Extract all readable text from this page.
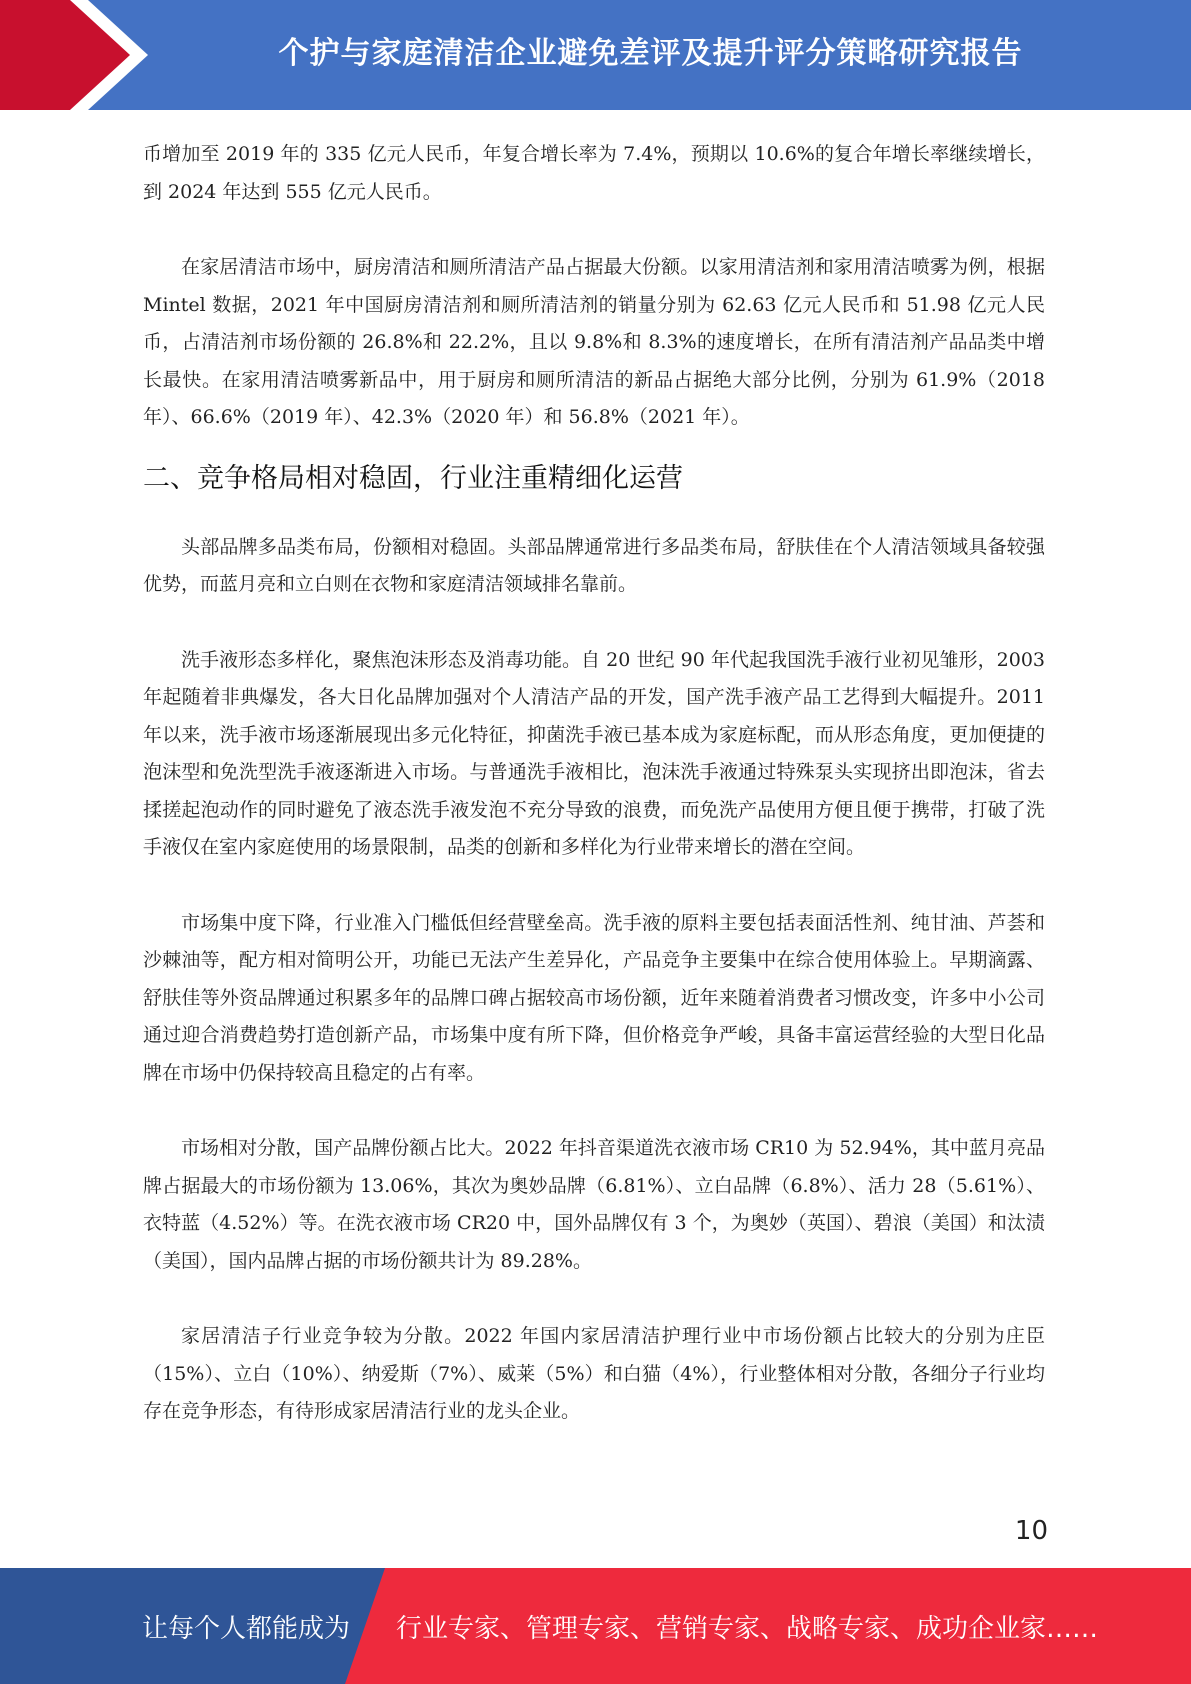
个护与家庭清洁企业避免差评及提升评分策略研究报告

币增加至 2019 年的 335 亿元人民币，年复合增长率为 7.4%，预期以 10.6%的复合年增长率继续增长，到 2024 年达到 555 亿元人民币。

在家居清洁市场中，厨房清洁和厕所清洁产品占据最大份额。以家用清洁剂和家用清洁喷雾为例，根据 Mintel 数据，2021 年中国厨房清洁剂和厕所清洁剂的销量分别为 62.63 亿元人民币和 51.98 亿元人民币，占清洁剂市场份额的 26.8%和 22.2%，且以 9.8%和 8.3%的速度增长，在所有清洁剂产品品类中增长最快。在家用清洁喷雾新品中，用于厨房和厕所清洁的新品占据绝大部分比例，分别为 61.9%（2018 年）、66.6%（2019 年）、42.3%（2020 年）和 56.8%（2021 年）。

二、竞争格局相对稳固，行业注重精细化运营

头部品牌多品类布局，份额相对稳固。头部品牌通常进行多品类布局，舒肤佳在个人清洁领域具备较强优势，而蓝月亮和立白则在衣物和家庭清洁领域排名靠前。

洗手液形态多样化，聚焦泡沫形态及消毒功能。自 20 世纪 90 年代起我国洗手液行业初见雏形，2003 年起随着非典爆发，各大日化品牌加强对个人清洁产品的开发，国产洗手液产品工艺得到大幅提升。2011 年以来，洗手液市场逐渐展现出多元化特征，抑菌洗手液已基本成为家庭标配，而从形态角度，更加便捷的泡沫型和免洗型洗手液逐渐进入市场。与普通洗手液相比，泡沫洗手液通过特殊泵头实现挤出即泡沫，省去揉搓起泡动作的同时避免了液态洗手液发泡不充分导致的浪费，而免洗产品使用方便且便于携带，打破了洗手液仅在室内家庭使用的场景限制，品类的创新和多样化为行业带来增长的潜在空间。

市场集中度下降，行业准入门槛低但经营壁垒高。洗手液的原料主要包括表面活性剂、纯甘油、芦荟和沙棘油等，配方相对简明公开，功能已无法产生差异化，产品竞争主要集中在综合使用体验上。早期滴露、舒肤佳等外资品牌通过积累多年的品牌口碑占据较高市场份额，近年来随着消费者习惯改变，许多中小公司通过迎合消费趋势打造创新产品，市场集中度有所下降，但价格竞争严峻，具备丰富运营经验的大型日化品牌在市场中仍保持较高且稳定的占有率。

市场相对分散，国产品牌份额占比大。2022 年抖音渠道洗衣液市场 CR10 为 52.94%，其中蓝月亮品牌占据最大的市场份额为 13.06%，其次为奥妙品牌（6.81%）、立白品牌（6.8%）、活力 28（5.61%）、衣特蓝（4.52%）等。在洗衣液市场 CR20 中，国外品牌仅有 3 个，为奥妙（英国）、碧浪（美国）和汰渍（美国），国内品牌占据的市场份额共计为 89.28%。

家居清洁子行业竞争较为分散。2022 年国内家居清洁护理行业中市场份额占比较大的分别为庄臣（15%）、立白（10%）、纳爱斯（7%）、威莱（5%）和白猫（4%），行业整体相对分散，各细分子行业均存在竞争形态，有待形成家居清洁行业的龙头企业。

10
让每个人都能成为 行业专家、管理专家、营销专家、战略专家、成功企业家……
